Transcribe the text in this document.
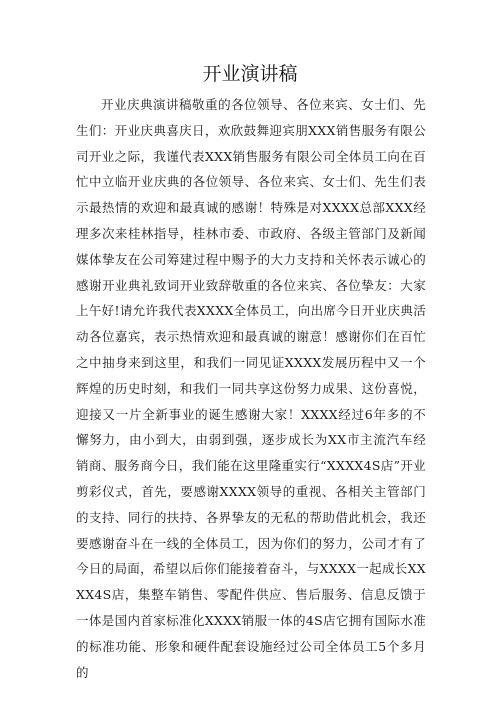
开业演讲稿

开业庆典演讲稿敬重的各位领导、各位来宾、女士们、先生们：开业庆典喜庆日，欢欣鼓舞迎宾朋XXX销售服务有限公司开业之际，我谨代表XXX销售服务有限公司全体员工向在百忙中立临开业庆典的各位领导、各位来宾、女士们、先生们表示最热情的欢迎和最真诚的感谢！特殊是对XXXX总部XXX经理多次来桂林指导，桂林市委、市政府、各级主管部门及新闻媒体挚友在公司筹建过程中赐予的大力支持和关怀表示诚心的感谢开业典礼致词开业致辞敬重的各位来宾、各位挚友：大家上午好!请允许我代表XXXX全体员工，向出席今日开业庆典活动各位嘉宾，表示热情欢迎和最真诚的谢意！感谢你们在百忙之中抽身来到这里，和我们一同见证XXXX发展历程中又一个辉煌的历史时刻，和我们一同共享这份努力成果、这份喜悦，迎接又一片全新事业的诞生感谢大家！XXXX经过6年多的不懈努力，由小到大，由弱到强，逐步成长为XX市主流汽车经销商、服务商今日，我们能在这里隆重实行“XXXX4S店”开业剪彩仪式，首先，要感谢XXXX领导的重视、各相关主管部门的支持、同行的扶持、各界挚友的无私的帮助借此机会，我还要感谢奋斗在一线的全体员工，因为你们的努力，公司才有了今日的局面，希望以后你们能接着奋斗，与XXXX一起成长XXXX4S店，集整车销售、零配件供应、售后服务、信息反馈于一体是国内首家标准化XXXX销服一体的4S店它拥有国际水准的标准功能、形象和硬件配套设施经过公司全体员工5个多月的
